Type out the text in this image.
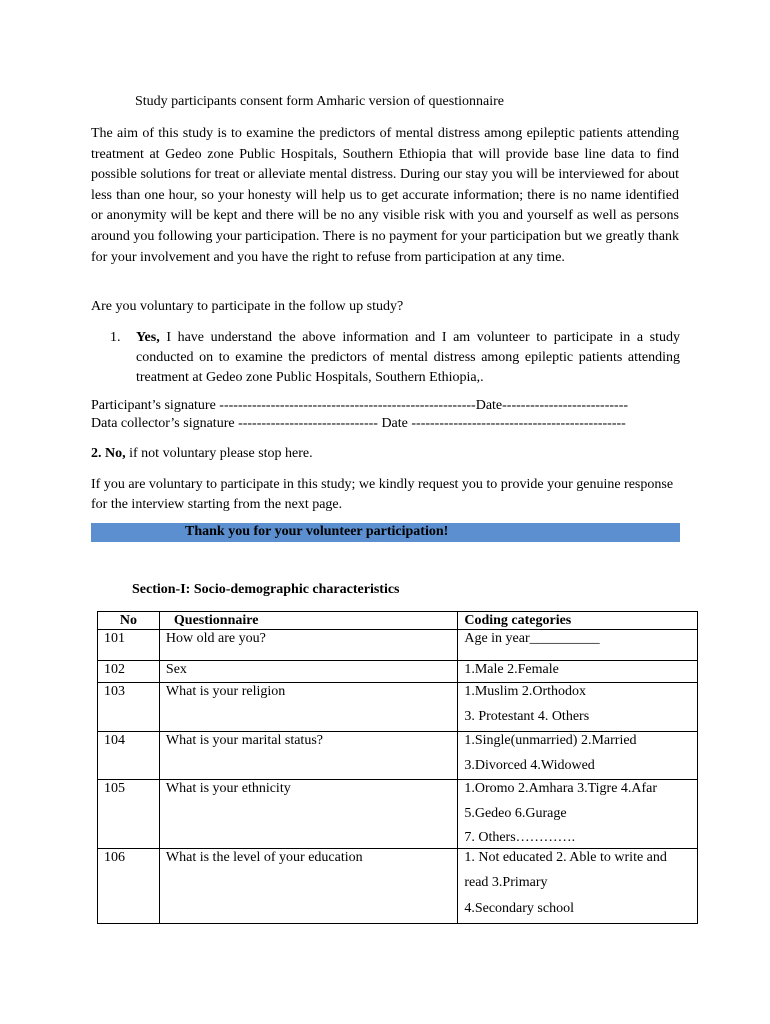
Study participants consent form Amharic version of questionnaire
The aim of this study is to examine the predictors of mental distress among epileptic patients attending treatment at Gedeo zone Public Hospitals, Southern Ethiopia that will provide base line data to find possible solutions for treat or alleviate mental distress. During our stay you will be interviewed for about less than one hour, so your honesty will help us to get accurate information; there is no name identified or anonymity will be kept and there will be no any visible risk with you and yourself as well as persons around you following your participation. There is no payment for your participation but we greatly thank for your involvement and you have the right to refuse from participation at any time.
Are you voluntary to participate in the follow up study?
1. Yes, I have understand the above information and I am volunteer to participate in a study conducted on to examine the predictors of mental distress among epileptic patients attending treatment at Gedeo zone Public Hospitals, Southern Ethiopia,.
Participant’s signature -------------------------------------------------------Date---------------------------
Data collector’s signature ------------------------------ Date ----------------------------------------------
2. No, if not voluntary please stop here.
If you are voluntary to participate in this study; we kindly request you to provide your genuine response for the interview starting from the next page.
Thank you for your volunteer participation!
Section-I: Socio-demographic characteristics
No	Questionnaire	Coding categories
101	How old are you?	Age in year__________

102	Sex	1.Male 2.Female

103	What is your religion	1.Muslim 2.Orthodox
3. Protestant 4. Others

104	What is your marital status?	1.Single(unmarried) 2.Married
3.Divorced 4.Widowed

105	What is your ethnicity	1.Oromo 2.Amhara 3.Tigre 4.Afar
5.Gedeo 6.Gurage
7. Others………….

106	What is the level of your education	1. Not educated 2. Able to write and
read 3.Primary
4.Secondary school
